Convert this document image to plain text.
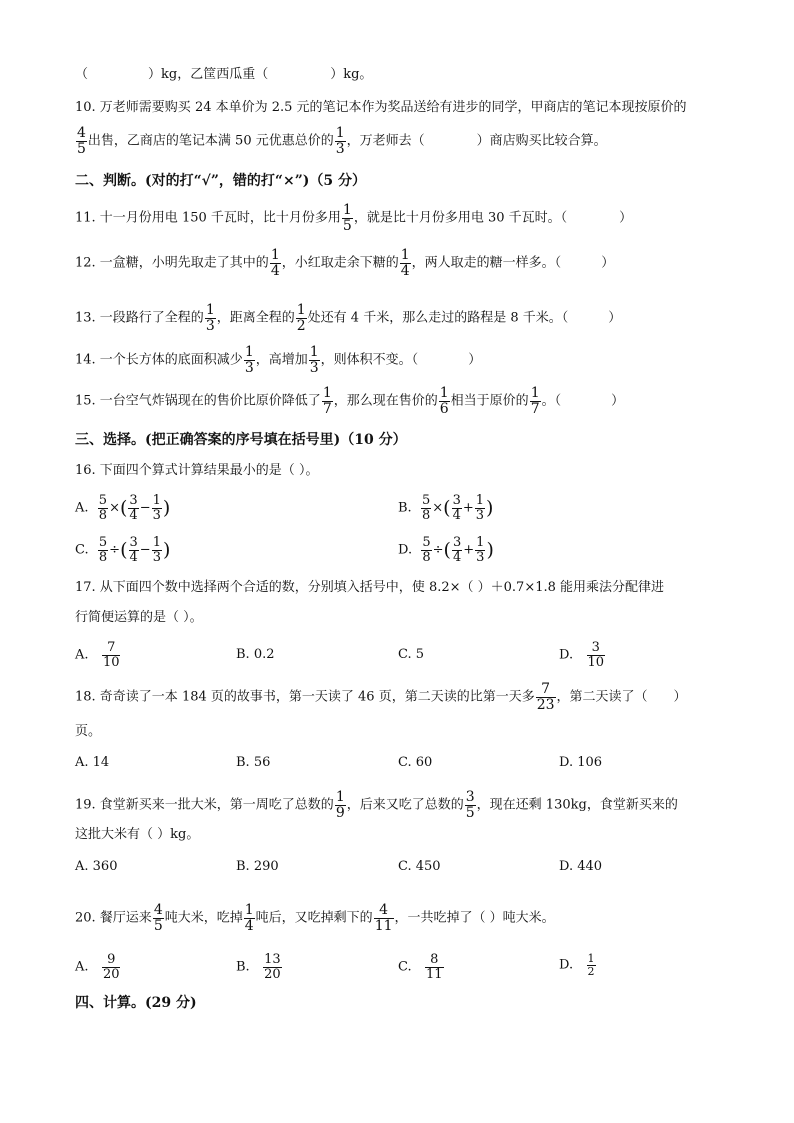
（	）kg，乙筐西瓜重（	）kg。
10. 万老师需要购买 24 本单价为 2.5 元的笔记本作为奖品送给有进步的同学，甲商店的笔记本现按原价的
$\frac{4}{5}$ 出售，乙商店的笔记本满 50 元优惠总价的 $\frac{1}{3}$ ，万老师去（	）商店购买比较合算。
二、判断。(对的打“√”，错的打“×”)（5 分）
11. 十一月份用电 150 千瓦时，比十月份多用 $\frac{1}{5}$ ，就是比十月份多用电 30 千瓦时。（	）
12. 一盒糖，小明先取走了其中的 $\frac{1}{4}$ ，小红取走余下糖的 $\frac{1}{4}$ ，两人取走的糖一样多。（	）
13. 一段路行了全程的 $\frac{1}{3}$ ，距离全程的 $\frac{1}{2}$ 处还有 4 千米，那么走过的路程是 8 千米。（	）
14. 一个长方体的底面积减少 $\frac{1}{3}$ ，高增加 $\frac{1}{3}$ ，则体积不变。（	）
15. 一台空气炸锅现在的售价比原价降低了 $\frac{1}{7}$ ，那么现在售价的 $\frac{1}{6}$ 相当于原价的 $\frac{1}{7}$ 。（	）
三、选择。(把正确答案的序号填在括号里)（10 分）
16. 下面四个算式计算结果最小的是（ ）。
A. $\frac{5}{8}$ ×( $\frac{3}{4} - \frac{1}{3}$ )	B. $\frac{5}{8}$ ×( $\frac{3}{4} + \frac{1}{3}$ )
C. $\frac{5}{8}$ ÷( $\frac{3}{4} - \frac{1}{3}$ )	D. $\frac{5}{8}$ ÷( $\frac{3}{4} + \frac{1}{3}$ )
17. 从下面四个数中选择两个合适的数，分别填入括号中，使 8.2×（ ）＋0.7×1.8 能用乘法分配律进
行简便运算的是（ ）。
A. $\frac{7}{10}$	B. 0.2	C. 5	D. $\frac{3}{10}$
18. 奇奇读了一本 184 页的故事书，第一天读了 46 页，第二天读的比第一天多 $\frac{7}{23}$ ，第二天读了（ ）
页。
A. 14	B. 56	C. 60	D. 106
19. 食堂新买来一批大米，第一周吃了总数的 $\frac{1}{9}$ ，后来又吃了总数的 $\frac{3}{5}$ ，现在还剩 130kg，食堂新买来的
这批大米有（ ）kg。
A. 360	B. 290	C. 450	D. 440
20. 餐厅运来 $\frac{4}{5}$ 吨大米，吃掉 $\frac{1}{4}$ 吨后，又吃掉剩下的 $\frac{4}{11}$ ，一共吃掉了（ ）吨大米。
A. $\frac{9}{20}$	B. $\frac{13}{20}$	C. $\frac{8}{11}$	D. $\frac{1}{2}$
四、计算。(29 分)
